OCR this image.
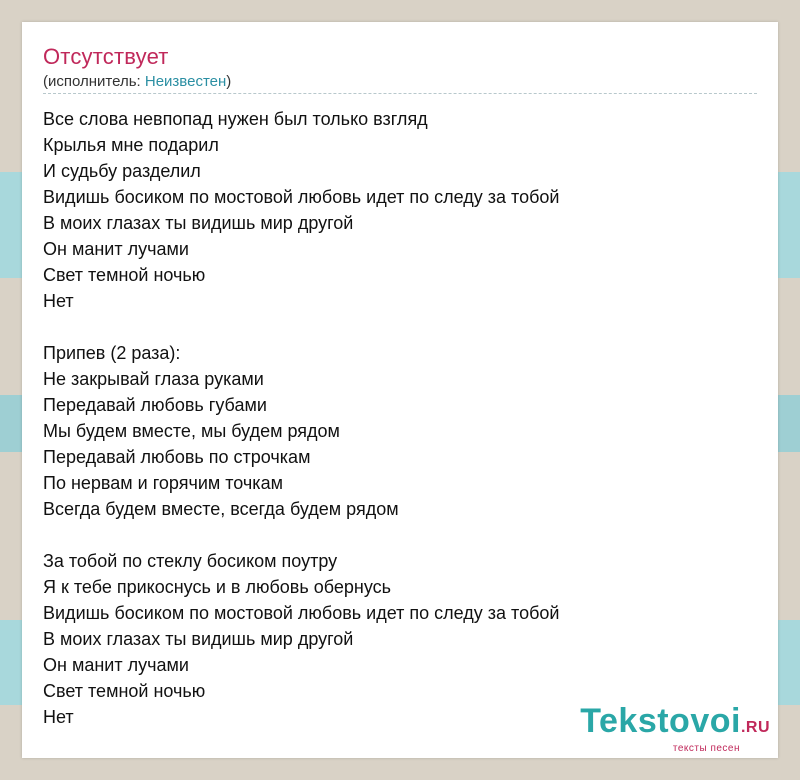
Отсутствует
(исполнитель: Неизвестен)
Все слова невпопад нужен был только взгляд
Крылья мне подарил
И судьбу разделил
Видишь босиком по мостовой любовь идет по следу за тобой
В моих глазах ты видишь мир другой
Он манит лучами
Свет темной ночью
Нет
Припев (2 раза):
Не закрывай глаза руками
Передавай любовь губами
Мы будем вместе, мы будем рядом
Передавай любовь по строчкам
По нервам и горячим точкам
Всегда будем вместе, всегда будем рядом
За тобой по стеклу босиком поутру
Я к тебе прикоснусь и в любовь обернусь
Видишь босиком по мостовой любовь идет по следу за тобой
В моих глазах ты видишь мир другой
Он манит лучами
Свет темной ночью
Нет	Tekstovoi.RU
тексты песен
